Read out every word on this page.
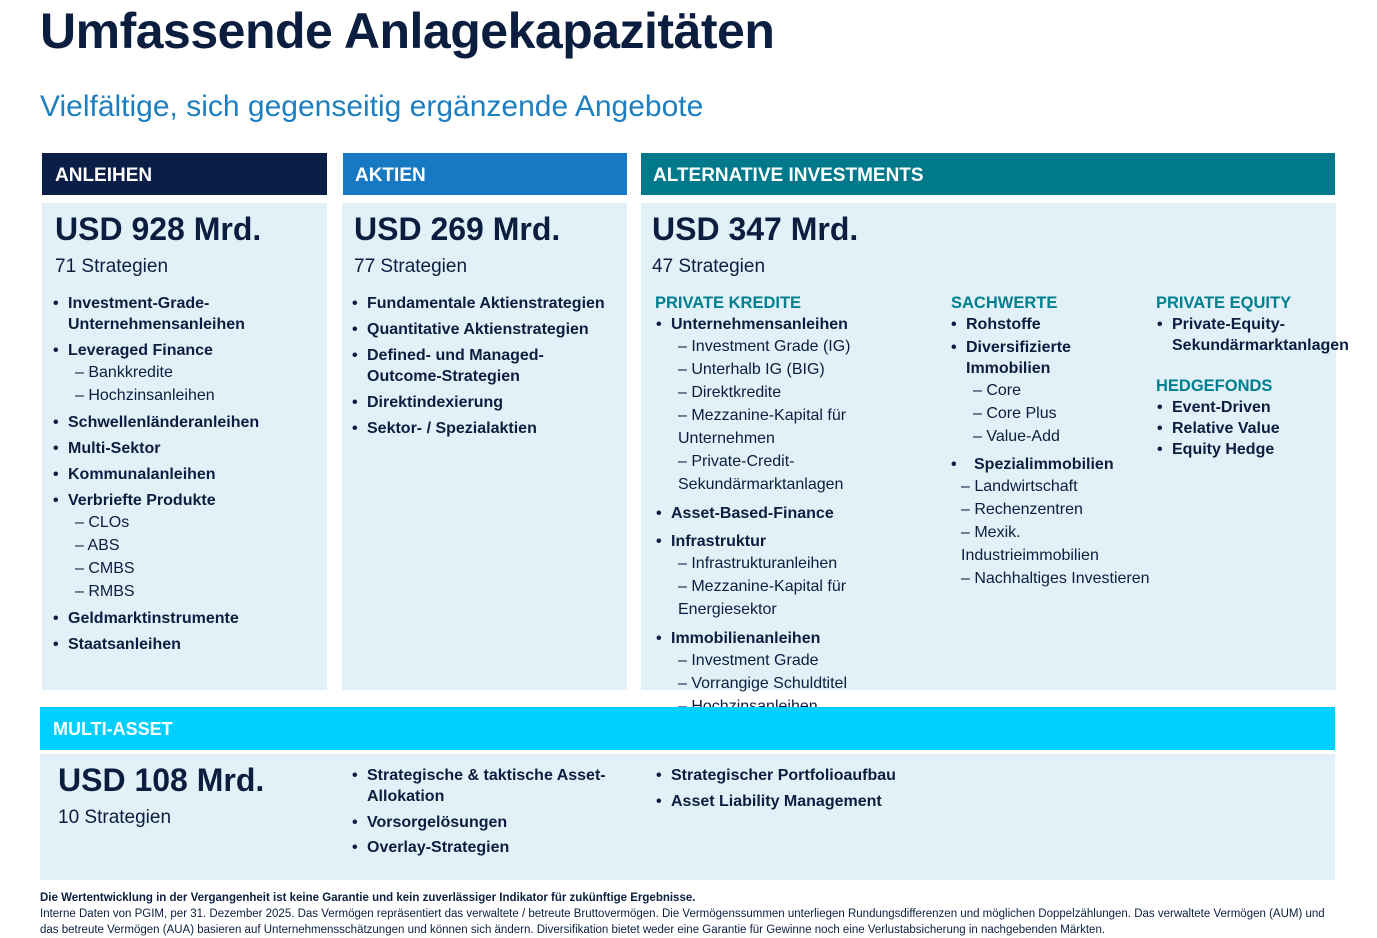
Umfassende Anlagekapazitäten
Vielfältige, sich gegenseitig ergänzende Angebote
ANLEIHEN	AKTIEN	ALTERNATIVE INVESTMENTS
USD 928 Mrd.
71 Strategien
• Investment-Grade-Unternehmensanleihen
• Leveraged Finance
– Bankkredite
– Hochzinsanleihen
• Schwellenländeranleihen
• Multi-Sektor
• Kommunalanleihen
• Verbriefte Produkte
– CLOs
– ABS
– CMBS
– RMBS
• Geldmarktinstrumente
• Staatsanleihen
USD 269 Mrd.
77 Strategien
• Fundamentale Aktienstrategien
• Quantitative Aktienstrategien
• Defined- und Managed-Outcome-Strategien
• Direktindexierung
• Sektor- / Spezialaktien
USD 347 Mrd.
47 Strategien
PRIVATE KREDITE
• Unternehmensanleihen
– Investment Grade (IG)
– Unterhalb IG (BIG)
– Direktkredite
– Mezzanine-Kapital für Unternehmen
– Private-Credit-Sekundärmarktanlagen
• Asset-Based-Finance
• Infrastruktur
– Infrastrukturanleihen
– Mezzanine-Kapital für Energiesektor
• Immobilienanleihen
– Investment Grade
– Vorrangige Schuldtitel
–
–
SACHWERTE
• Rohstoffe
• Diversifizierte Immobilien
– Core
– Core Plus
– Value-Add
• Spezialimmobilien
– Landwirtschaft
– Rechenzentren
– Mexik. Industrieimmobilien
– Nachhaltiges Investieren
PRIVATE EQUITY
• Private-Equity-Sekundärmarktanlagen
HEDGEFONDS
• Event-Driven
• Relative Value
• Equity Hedge
MULTI-ASSET
USD 108 Mrd.
10 Strategien
• Strategische & taktische Asset-Allokation
• Vorsorgelösungen
• Overlay-Strategien
• Strategischer Portfolioaufbau
• Asset Liability Management
Die Wertentwicklung in der Vergangenheit ist keine Garantie und kein zuverlässiger Indikator für zukünftige Ergebnisse.
Interne Daten von PGIM, per 31. Dezember 2025. Das Vermögen repräsentiert das verwaltete / betreute Bruttovermögen. Die Vermögenssummen unterliegen Rundungsdifferenzen und möglichen Doppelzählungen. Das verwaltete Vermögen (AUM) und das betreute Vermögen (AUA) basieren auf Unternehmensschätzungen und können sich ändern. Diversifikation bietet weder eine Garantie für Gewinne noch eine Verlustabsicherung in nachgebenden Märkten.
